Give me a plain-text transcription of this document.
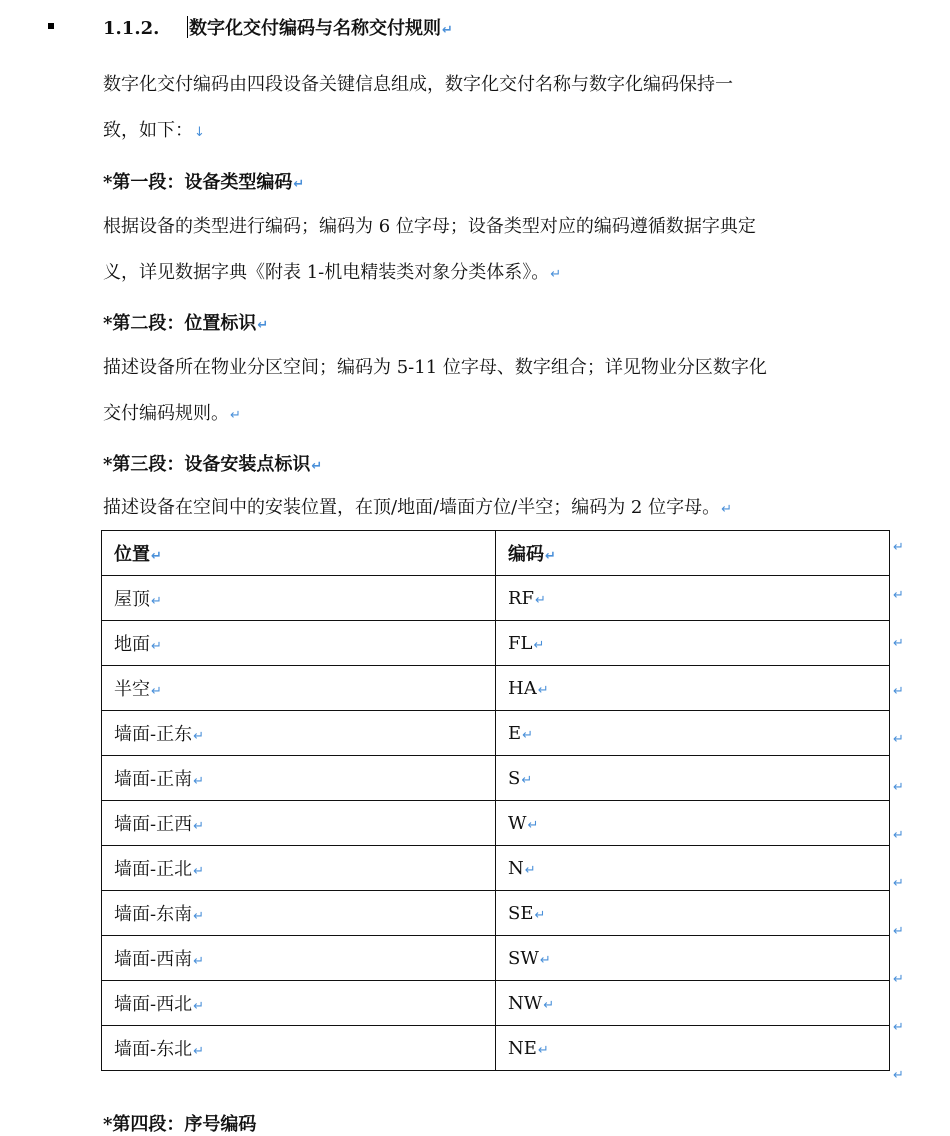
1.1.2. 数字化交付编码与名称交付规则↵
数字化交付编码由四段设备关键信息组成，数字化交付名称与数字化编码保持一
致，如下：↓
*第一段：设备类型编码↵
根据设备的类型进行编码；编码为 6 位字母；设备类型对应的编码遵循数据字典定
义，详见数据字典《附表 1-机电精装类对象分类体系》。↵
*第二段：位置标识↵
描述设备所在物业分区空间；编码为 5-11 位字母、数字组合；详见物业分区数字化
交付编码规则。↵
*第三段：设备安装点标识↵
描述设备在空间中的安装位置，在顶/地面/墙面方位/半空；编码为 2 位字母。↵
位置↵	编码↵
屋顶↵	RF↵
地面↵	FL↵
半空↵	HA↵
墙面-正东↵	E↵
墙面-正南↵	S↵
墙面-正西↵	W↵
墙面-正北↵	N↵
墙面-东南↵	SE↵
墙面-西南↵	SW↵
墙面-西北↵	NW↵
墙面-东北↵	NE↵
↵
↵
↵
↵
↵
↵
↵
↵
↵
↵
↵
↵
*第四段：序号编码
